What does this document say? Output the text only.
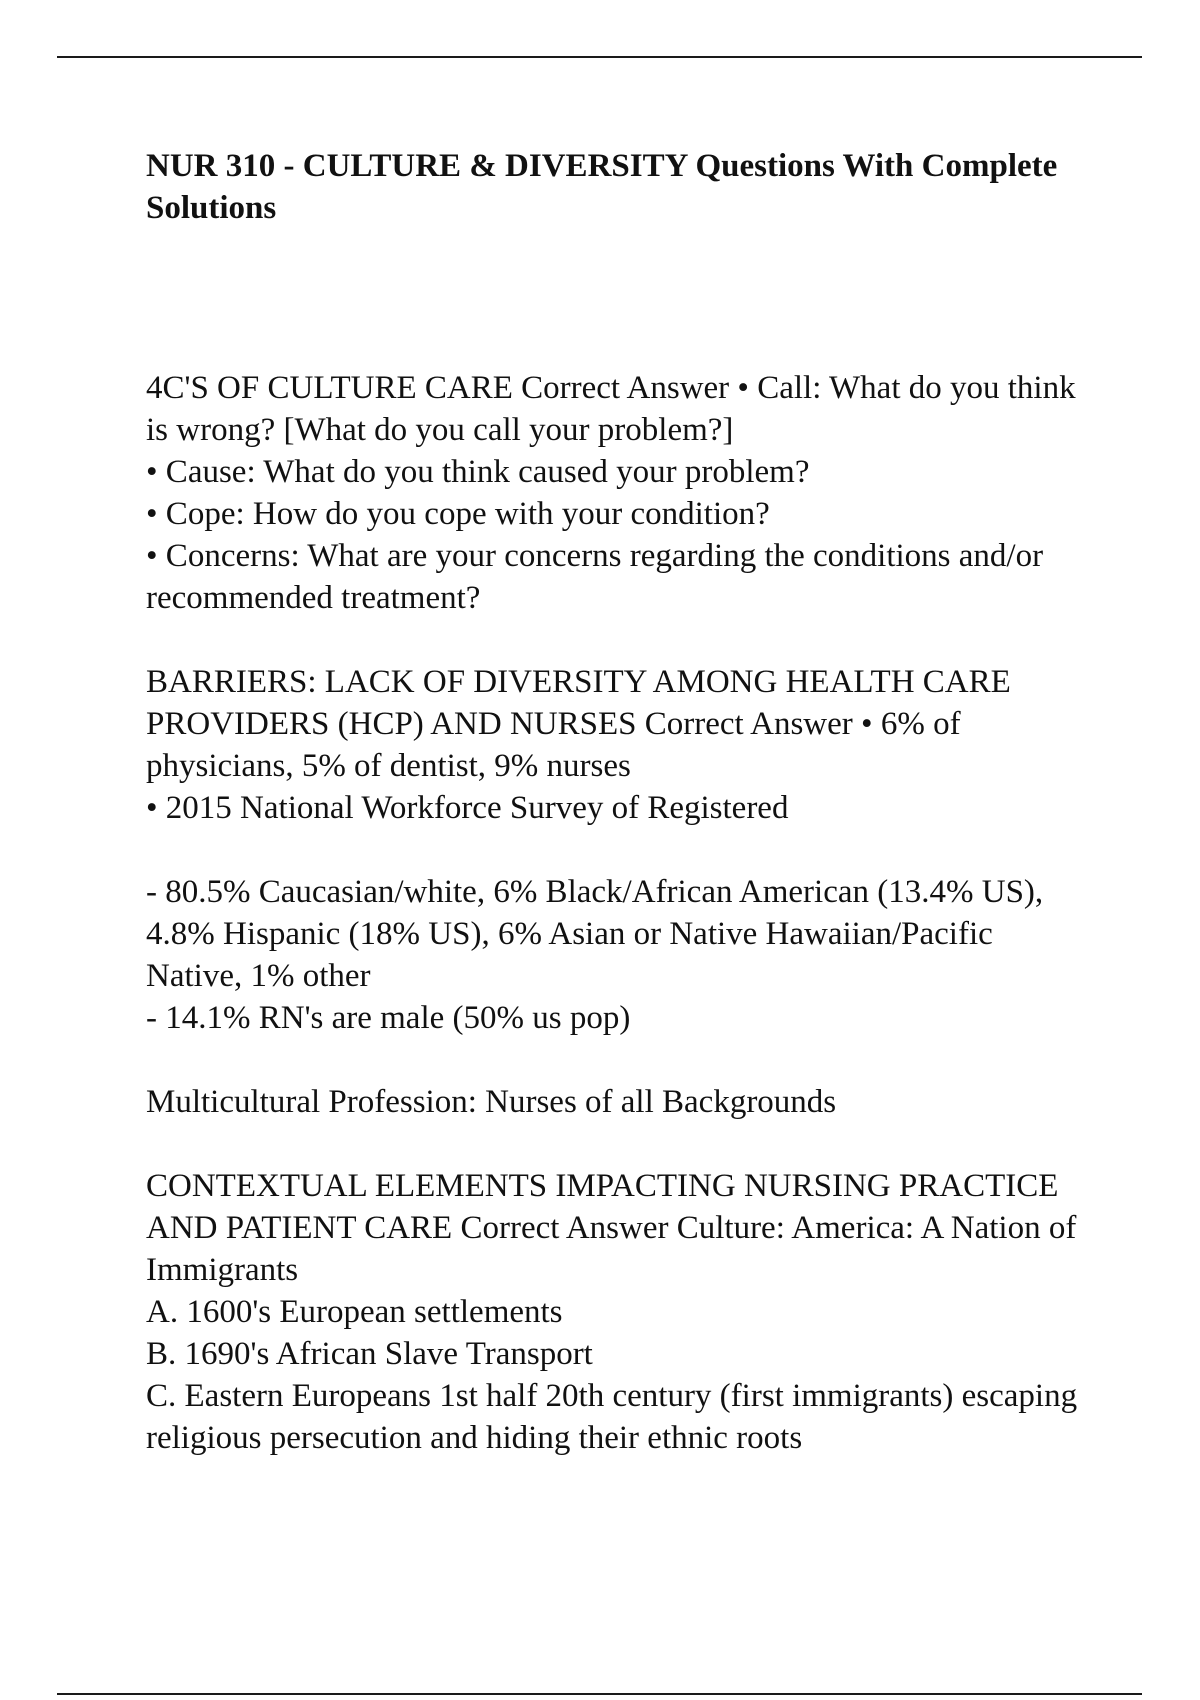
NUR 310 - CULTURE & DIVERSITY Questions With Complete Solutions

4C'S OF CULTURE CARE Correct Answer • Call: What do you think is wrong? [What do you call your problem?]

• Cause: What do you think caused your problem?

• Cope: How do you cope with your condition?

• Concerns: What are your concerns regarding the conditions and/or recommended treatment?

BARRIERS: LACK OF DIVERSITY AMONG HEALTH CARE PROVIDERS (HCP) AND NURSES Correct Answer • 6% of physicians, 5% of dentist, 9% nurses

• 2015 National Workforce Survey of Registered

- 80.5% Caucasian/white, 6% Black/African American (13.4% US), 4.8% Hispanic (18% US), 6% Asian or Native Hawaiian/Pacific Native, 1% other

- 14.1% RN's are male (50% us pop)

Multicultural Profession: Nurses of all Backgrounds

CONTEXTUAL ELEMENTS IMPACTING NURSING PRACTICE AND PATIENT CARE Correct Answer Culture: America: A Nation of Immigrants

A. 1600's European settlements

B. 1690's African Slave Transport

C. Eastern Europeans 1st half 20th century (first immigrants) escaping religious persecution and hiding their ethnic roots
